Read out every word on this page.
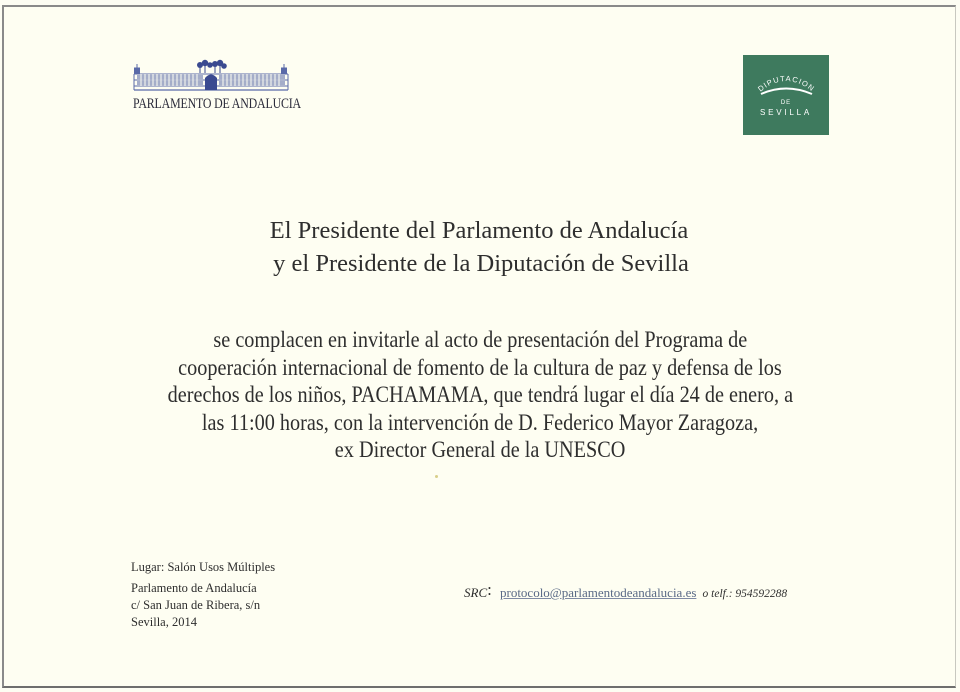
PARLAMENTO DE ANDALUCIA
DIPUTACION
DE
SEVILLA
El Presidente del Parlamento de Andalucía
y el Presidente de la Diputación de Sevilla
se complacen en invitarle al acto de presentación del Programa de
cooperación internacional de fomento de la cultura de paz y defensa de los
derechos de los niños, PACHAMAMA, que tendrá lugar el día 24 de enero, a
las 11:00 horas, con la intervención de D. Federico Mayor Zaragoza,
ex Director General de la UNESCO
Lugar: Salón Usos Múltiples
Parlamento de Andalucía
c/ San Juan de Ribera, s/n
Sevilla, 2014
SRC: protocolo@parlamentodeandalucia.es o telf.: 954592288
